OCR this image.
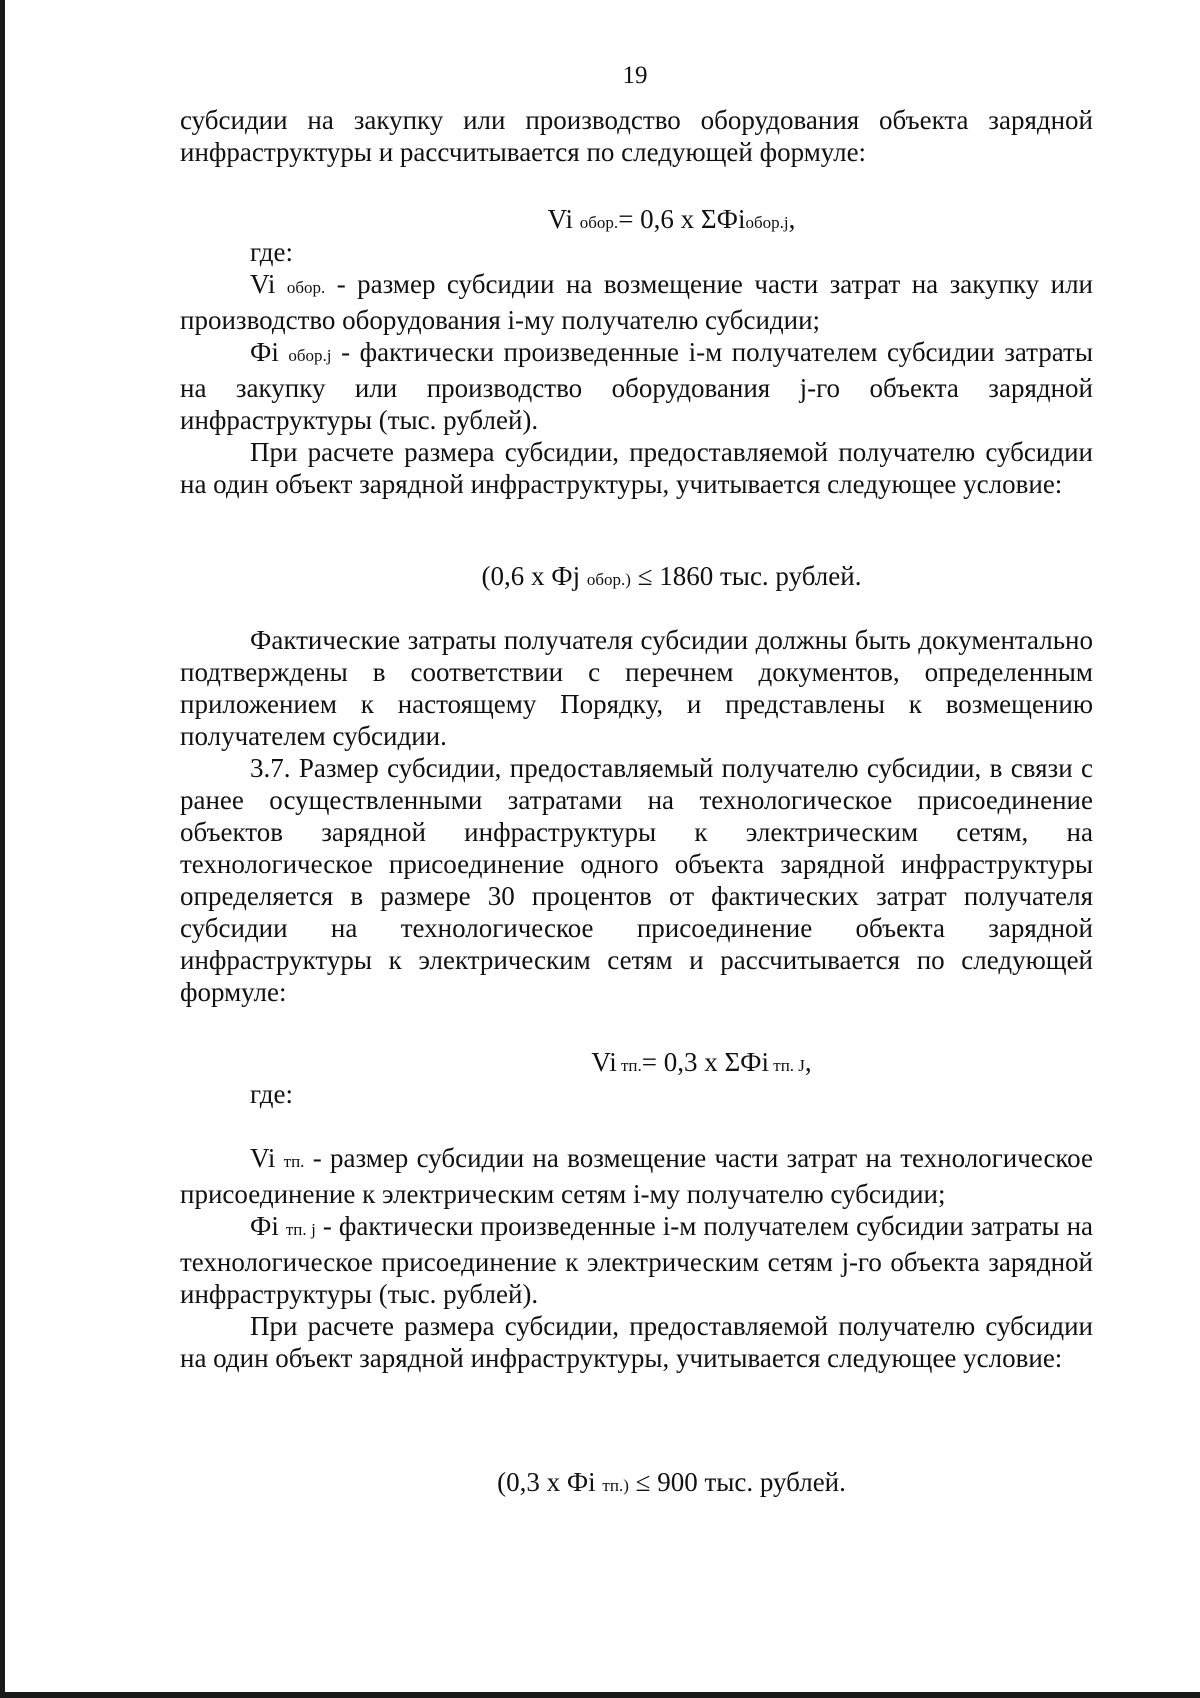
19

субсидии на закупку или производство оборудования объекта зарядной инфраструктуры и рассчитывается по следующей формуле:

Vi обор.= 0,6 х ΣФiобор.j,
где:

Vi обор. - размер субсидии на возмещение части затрат на закупку или производство оборудования i-му получателю субсидии;

Фi обор.j - фактически произведенные i-м получателем субсидии затраты на закупку или производство оборудования j-го объекта зарядной инфраструктуры (тыс. рублей).

При расчете размера субсидии, предоставляемой получателю субсидии на один объект зарядной инфраструктуры, учитывается следующее условие:

(0,6 х Фj обор.) ≤ 1860 тыс. рублей.

Фактические затраты получателя субсидии должны быть документально подтверждены в соответствии с перечнем документов, определенным приложением к настоящему Порядку, и представлены к возмещению получателем субсидии.

3.7. Размер субсидии, предоставляемый получателю субсидии, в связи с ранее осуществленными затратами на технологическое присоединение объектов зарядной инфраструктуры к электрическим сетям, на технологическое присоединение одного объекта зарядной инфраструктуры определяется в размере 30 процентов от фактических затрат получателя субсидии на технологическое присоединение объекта зарядной инфраструктуры к электрическим сетям и рассчитывается по следующей формуле:

Vi тп.= 0,3 х ΣФi тп. J,
где:

Vi тп. - размер субсидии на возмещение части затрат на технологическое присоединение к электрическим сетям i-му получателю субсидии;

Фi тп. j - фактически произведенные i-м получателем субсидии затраты на технологическое присоединение к электрическим сетям j-го объекта зарядной инфраструктуры (тыс. рублей).

При расчете размера субсидии, предоставляемой получателю субсидии на один объект зарядной инфраструктуры, учитывается следующее условие:

(0,3 х Фi тп.) ≤ 900 тыс. рублей.
